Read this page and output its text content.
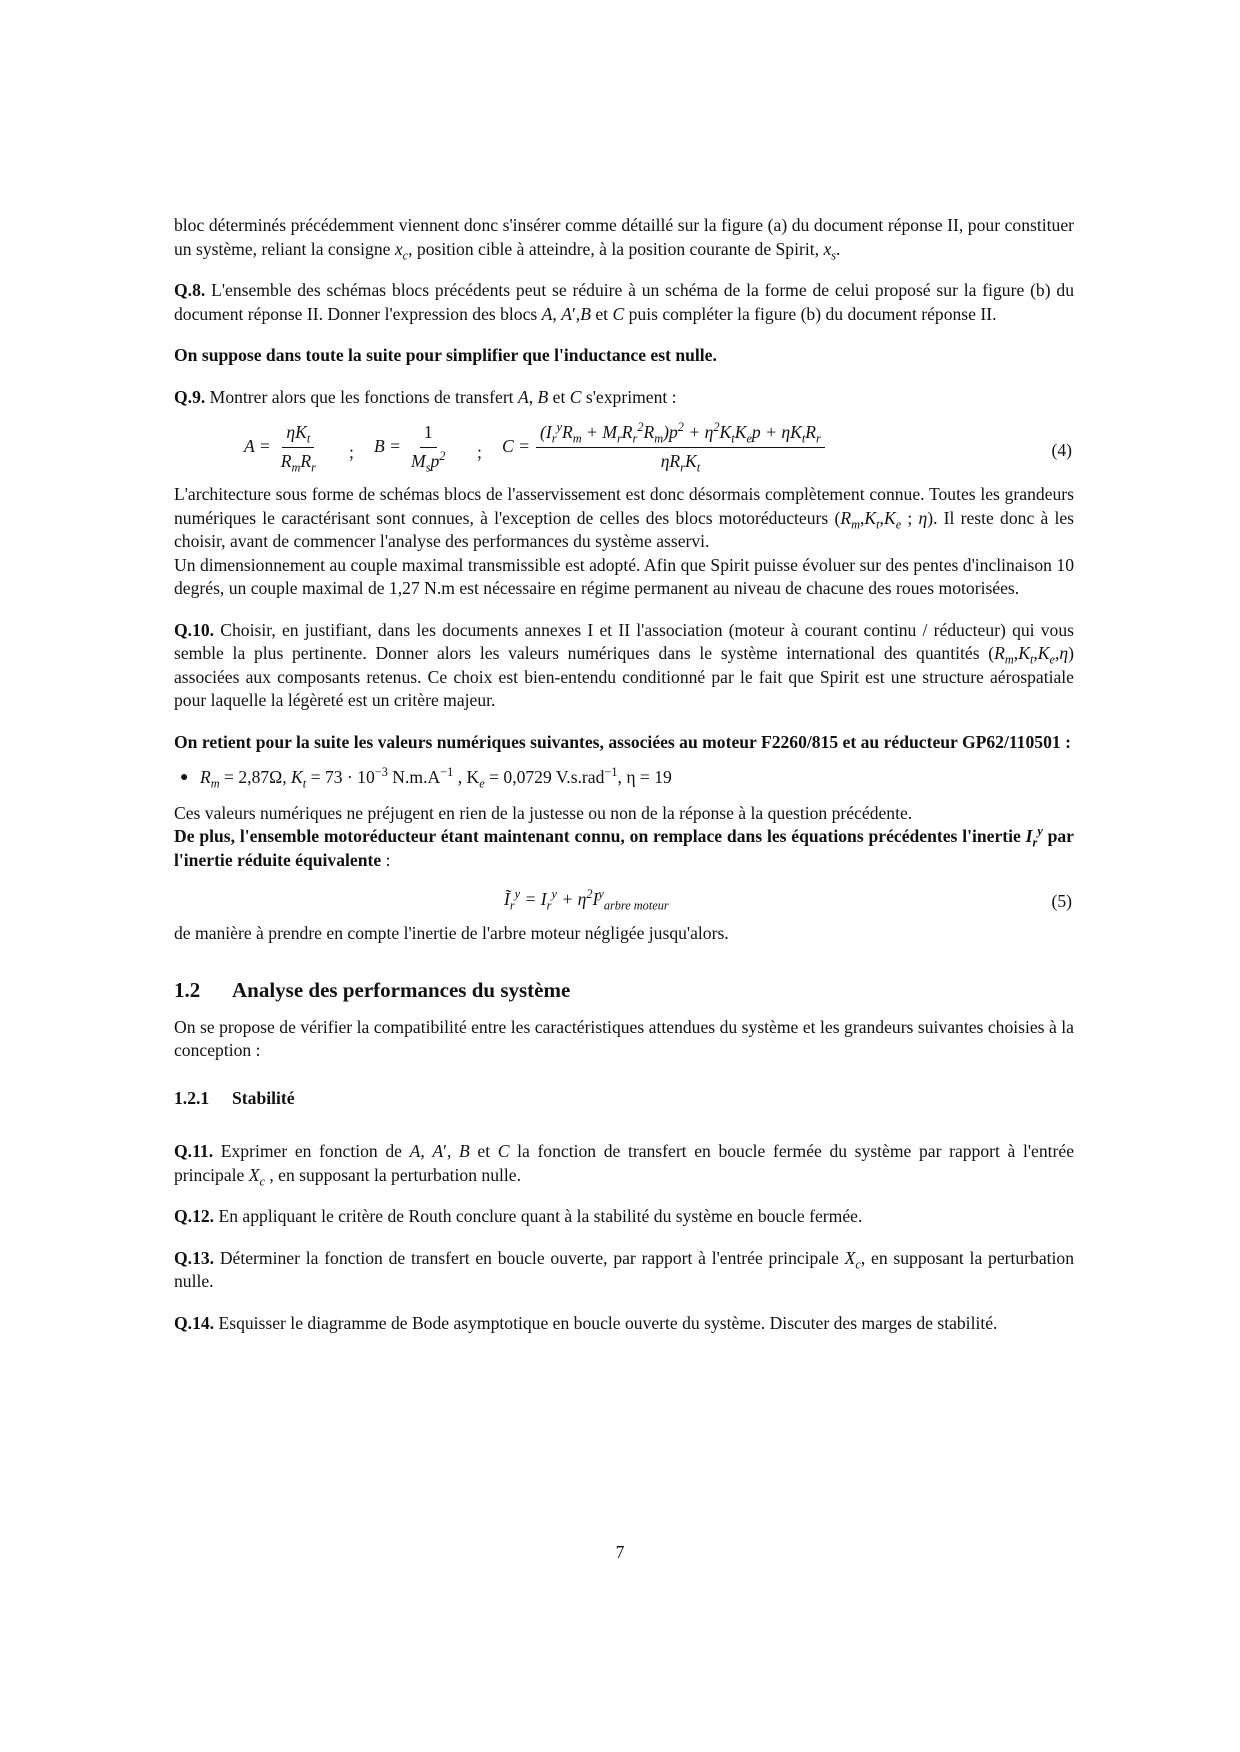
bloc déterminés précédemment viennent donc s'insérer comme détaillé sur la figure (a) du document réponse II, pour constituer un système, reliant la consigne $x_c$, position cible à atteindre, à la position courante de Spirit, $x_s$.

Q.8. L'ensemble des schémas blocs précédents peut se réduire à un schéma de la forme de celui proposé sur la figure (b) du document réponse II. Donner l'expression des blocs A, A′,B et C puis compléter la figure (b) du document réponse II.

On suppose dans toute la suite pour simplifier que l'inductance est nulle.

Q.9. Montrer alors que les fonctions de transfert A, B et C s'expriment :

$A = \frac{\eta K_t}{R_mR_r}$ ; $B = \frac{1}{M_sp^2}$ ; $C = \frac{(I_r^yR_m + M_rR_r^2R_m)p^2 + \eta^2K_tK_ep + \eta K_tR_r}{\eta R_rK_t}$	(4)

L'architecture sous forme de schémas blocs de l'asservissement est donc désormais complètement connue. Toutes les grandeurs numériques le caractérisant sont connues, à l'exception de celles des blocs motoréducteurs ($R_m,K_t,K_e$ ; η). Il reste donc à les choisir, avant de commencer l'analyse des performances du système asservi.

Un dimensionnement au couple maximal transmissible est adopté. Afin que Spirit puisse évoluer sur des pentes d'inclinaison 10 degrés, un couple maximal de 1,27 N.m est nécessaire en régime permanent au niveau de chacune des roues motorisées.

Q.10. Choisir, en justifiant, dans les documents annexes I et II l'association (moteur à courant continu / réducteur) qui vous semble la plus pertinente. Donner alors les valeurs numériques dans le système international des quantités $(R_m,K_t,K_e,\eta)$ associées aux composants retenus. Ce choix est bien-entendu conditionné par le fait que Spirit est une structure aérospatiale pour laquelle la légèreté est un critère majeur.

On retient pour la suite les valeurs numériques suivantes, associées au moteur F2260/815 et au réducteur GP62/110501 :

● $R_m = 2,87\Omega$, $K_t = 73 \cdot 10^{-3}$ $N.m.A^{-1}$ , $K_e = 0,0729$ V.s.rad$^{-1}$, η = 19

Ces valeurs numériques ne préjugent en rien de la justesse ou non de la réponse à la question précédente.

De plus, l'ensemble motoréducteur étant maintenant connu, on remplace dans les équations précédentes l'inertie $I_r^y$ par l'inertie réduite équivalente :

$Ĩ_r^y = I_r^y + \eta^2I^y_{arbre moteur}$	(5)

de manière à prendre en compte l'inertie de l'arbre moteur négligée jusqu'alors.

1.2 Analyse des performances du système

On se propose de vérifier la compatibilité entre les caractéristiques attendues du système et les grandeurs suivantes choisies à la conception :

1.2.1 Stabilité

Q.11. Exprimer en fonction de A, A′, B et C la fonction de transfert en boucle fermée du système par rapport à l'entrée principale $X_c$ , en supposant la perturbation nulle.

Q.12. En appliquant le critère de Routh conclure quant à la stabilité du système en boucle fermée.

Q.13. Déterminer la fonction de transfert en boucle ouverte, par rapport à l'entrée principale $X_c$, en supposant la perturbation nulle.

Q.14. Esquisser le diagramme de Bode asymptotique en boucle ouverte du système. Discuter des marges de stabilité.

7
